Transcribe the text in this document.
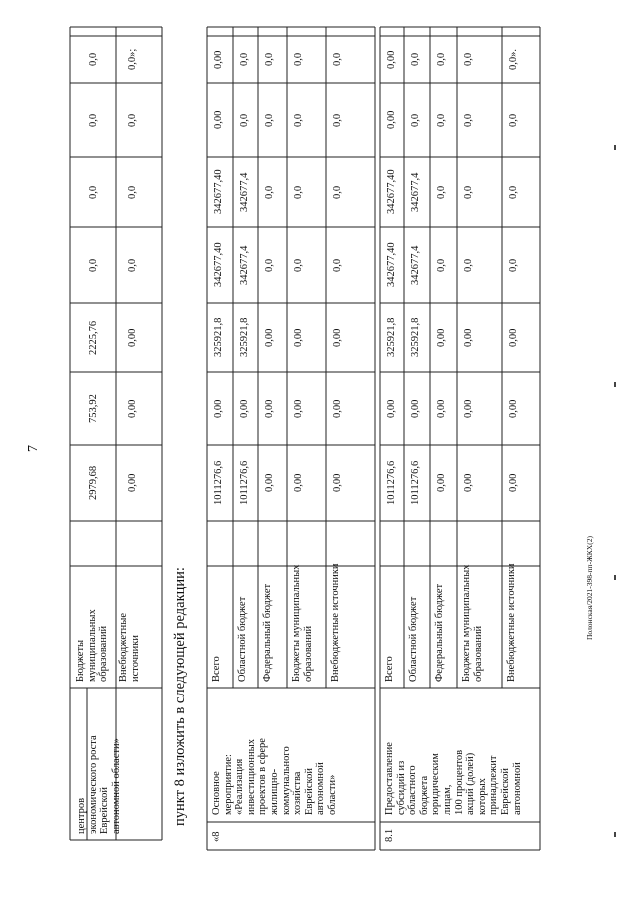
7
пункт 8 изложить в следующей редакции:	Полонская/2021-398-пп-ЖКХ(2)
центров экономического роста Еврейской автономной области»
Бюджеты муниципальных образований
2979,68
753,92
2225,76
0,0
0,0
0,0
0,0
Внебюджетные источники
0,00
0,00
0,00
0,0
0,0
0,0
0,0»;
«8
Основное мероприятие: «Реализация инвестиционных проектов в сфере жилищно- коммунального хозяйства Еврейской автономной области»
Всего
1011276,6
0,00
325921,8
342677,40
342677,40
0,00
0,00
Областной бюджет
1011276,6
0,00
325921,8
342677,4
342677,4
0,0
0,0
Федеральный бюджет
0,00
0,00
0,00
0,0
0,0
0,0
0,0
Бюджеты муниципальных образований
0,00
0,00
0,00
0,0
0,0
0,0
0,0
Внебюджетные источники
0,00
0,00
0,00
0,0
0,0
0,0
0,0
8.1
Предоставление субсидий из областного бюджета юридическим лицам, 100 процентов акций (долей) которых принадлежит Еврейской автономной
Всего
1011276,6
0,00
325921,8
342677,40
342677,40
0,00
0,00
Областной бюджет
1011276,6
0,00
325921,8
342677,4
342677,4
0,0
0,0
Федеральный бюджет
0,00
0,00
0,00
0,0
0,0
0,0
0,0
Бюджеты муниципальных образований
0,00
0,00
0,00
0,0
0,0
0,0
0,0
Внебюджетные источники
0,00
0,00
0,00
0,0
0,0
0,0
0,0».
